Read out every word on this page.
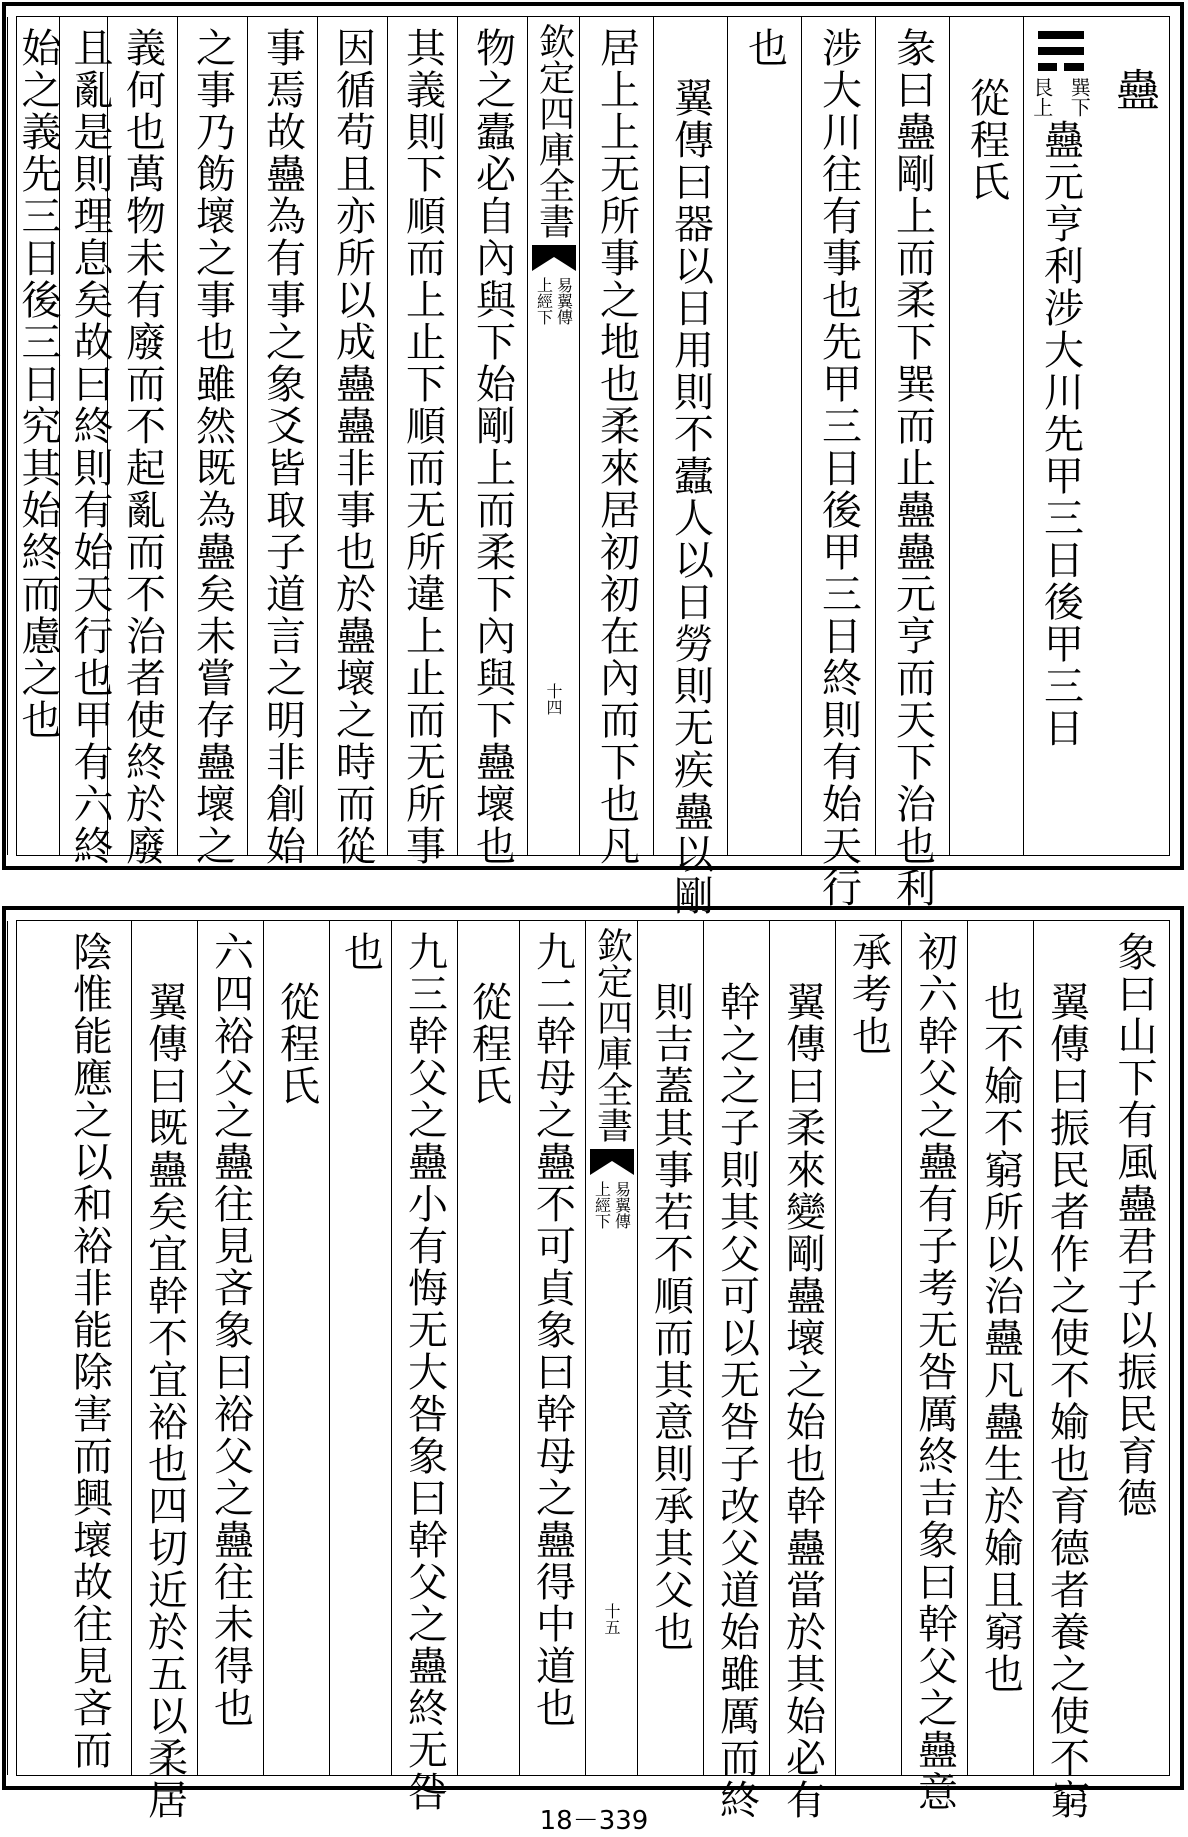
蠱
巽下
艮上
蠱元亨利涉大川先甲三日後甲三日
從程氏
彖曰蠱剛上而柔下巽而止蠱蠱元亨而天下治也利
涉大川往有事也先甲三日後甲三日終則有始天行
也
翼傳曰器以日用則不蠹人以日勞則无疾蠱以剛
居上上无所事之地也柔來居初初在內而下也凡
欽定四庫全書
易翼傳
上經下
十四
物之蠹必自內與下始剛上而柔下內與下蠱壞也
其義則下順而上止下順而无所違上止而无所事
因循苟且亦所以成蠱蠱非事也於蠱壞之時而從
事焉故蠱為有事之象爻皆取子道言之明非創始
之事乃飭壞之事也雖然既為蠱矣未嘗存蠱壞之
義何也萬物未有廢而不起亂而不治者使終於廢
且亂是則理息矣故曰終則有始天行也甲有六終
始之義先三日後三日究其始終而慮之也
象曰山下有風蠱君子以振民育德
翼傳曰振民者作之使不媮也育德者養之使不窮
也不媮不窮所以治蠱凡蠱生於媮且窮也
初六幹父之蠱有子考无咎厲終吉象曰幹父之蠱意
承考也
翼傳曰柔來變剛蠱壞之始也幹蠱當於其始必有
幹之之子則其父可以无咎子改父道始雖厲而終
則吉蓋其事若不順而其意則承其父也
欽定四庫全書
易翼傳
上經下
十五
九二幹母之蠱不可貞象曰幹母之蠱得中道也
從程氏
九三幹父之蠱小有悔无大咎象曰幹父之蠱終无咎
也
從程氏
六四裕父之蠱往見吝象曰裕父之蠱往未得也
翼傳曰既蠱矣宜幹不宜裕也四切近於五以柔居
陰惟能應之以和裕非能除害而興壞故往見吝而
18－339
